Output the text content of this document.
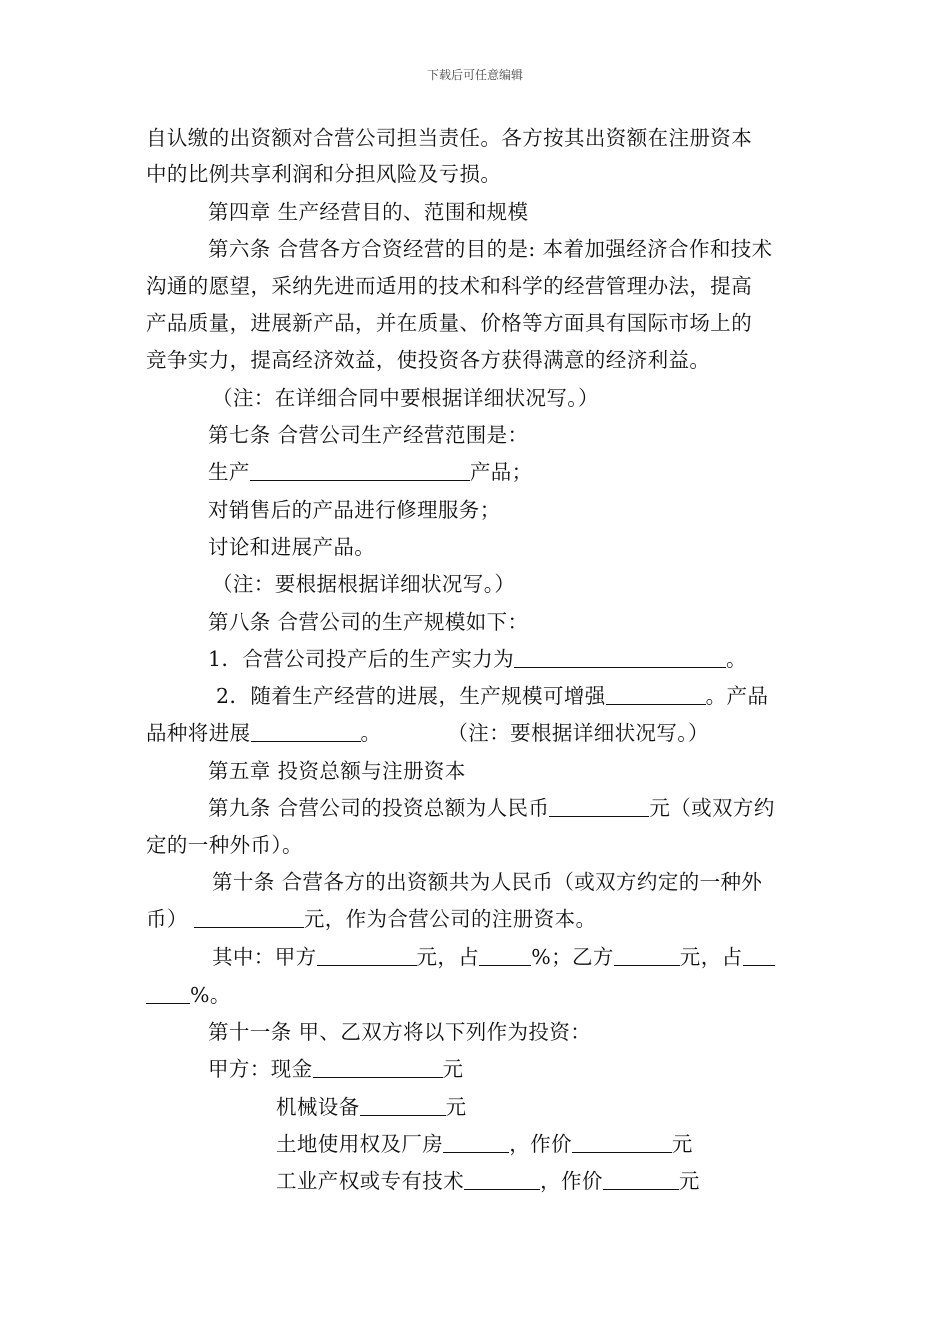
下载后可任意编辑
自认缴的出资额对合营公司担当责任。各方按其出资额在注册资本
中的比例共享利润和分担风险及亏损。
第四章 生产经营目的、范围和规模
第六条 合营各方合资经营的目的是: 本着加强经济合作和技术
沟通的愿望，采纳先进而适用的技术和科学的经营管理办法，提高
产品质量，进展新产品，并在质量、价格等方面具有国际市场上的
竞争实力，提高经济效益，使投资各方获得满意的经济利益。
（注：在详细合同中要根据详细状况写。）
第七条 合营公司生产经营范围是：
生产	产品；
对销售后的产品进行修理服务；
讨论和进展产品。
（注：要根据根据详细状况写。）
第八条 合营公司的生产规模如下：
1．合营公司投产后的生产实力为	。
2．随着生产经营的进展，生产规模可增强	。产品
品种将进展	。	（注：要根据详细状况写。）
第五章 投资总额与注册资本
第九条 合营公司的投资总额为人民币	元（或双方约
定的一种外币）。
第十条 合营各方的出资额共为人民币（或双方约定的一种外
币）	元，作为合营公司的注册资本。
其中：甲方	元，占	%；乙方	元，占
%。
第十一条 甲、乙双方将以下列作为投资：
甲方：现金	元
机械设备	元
土地使用权及厂房	，作价	元
工业产权或专有技术	，作价	元
